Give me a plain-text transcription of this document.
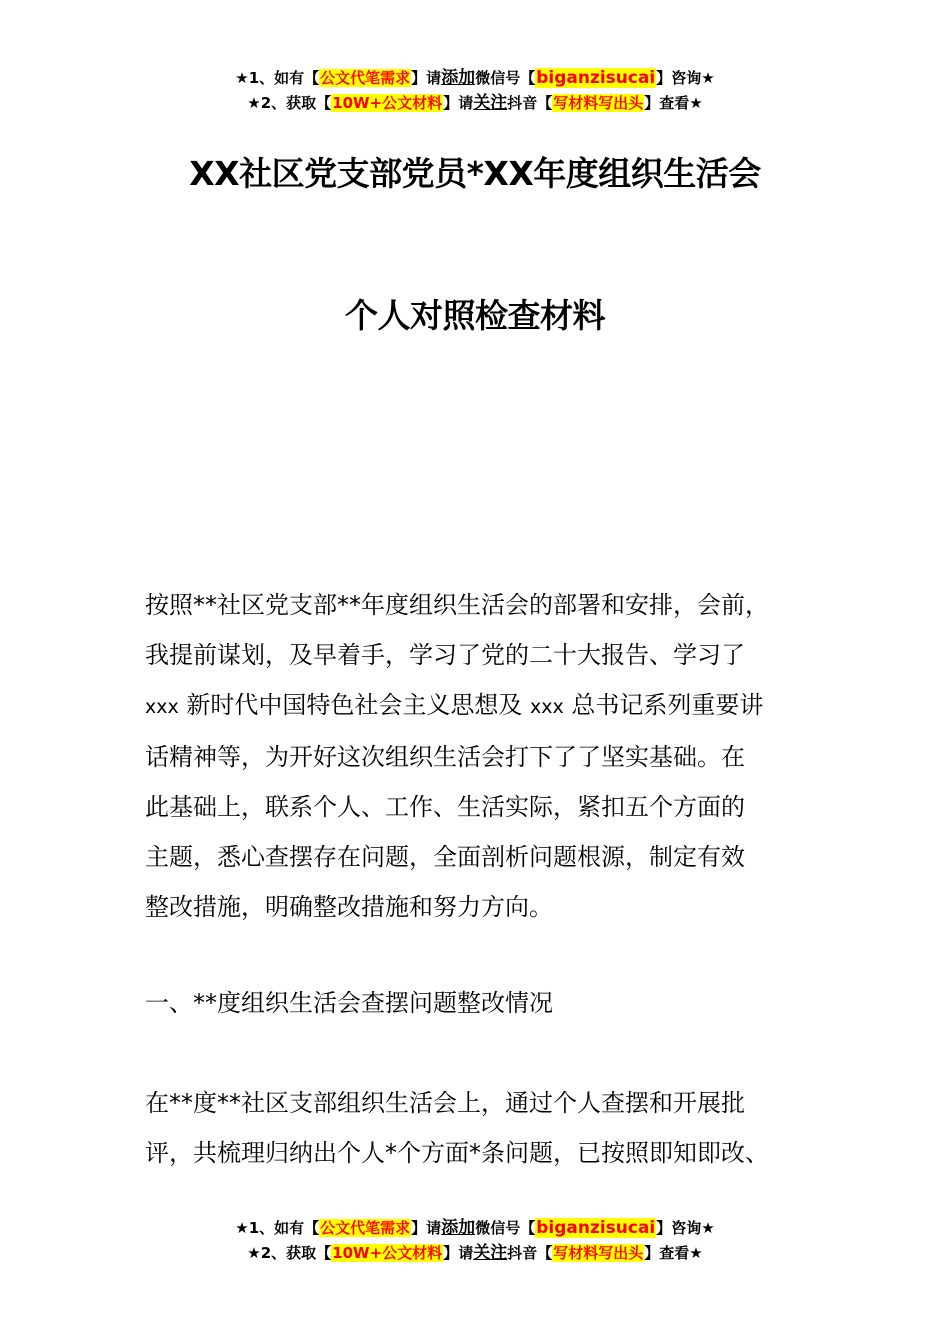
★1、如有【公文代笔需求】请添加微信号【biganzisucai】咨询★
★2、获取【10W+公文材料】请关注抖音【写材料写出头】查看★
XX社区党支部党员*XX年度组织生活会
个人对照检查材料
按照**社区党支部**年度组织生活会的部署和安排，会前，
我提前谋划，及早着手，学习了党的二十大报告、学习了
xxx 新时代中国特色社会主义思想及 xxx 总书记系列重要讲
话精神等，为开好这次组织生活会打下了了坚实基础。在
此基础上，联系个人、工作、生活实际，紧扣五个方面的
主题，悉心查摆存在问题，全面剖析问题根源，制定有效
整改措施，明确整改措施和努力方向。
一、**度组织生活会查摆问题整改情况
在**度**社区支部组织生活会上，通过个人查摆和开展批
评，共梳理归纳出个人*个方面*条问题，已按照即知即改、
★1、如有【公文代笔需求】请添加微信号【biganzisucai】咨询★
★2、获取【10W+公文材料】请关注抖音【写材料写出头】查看★
